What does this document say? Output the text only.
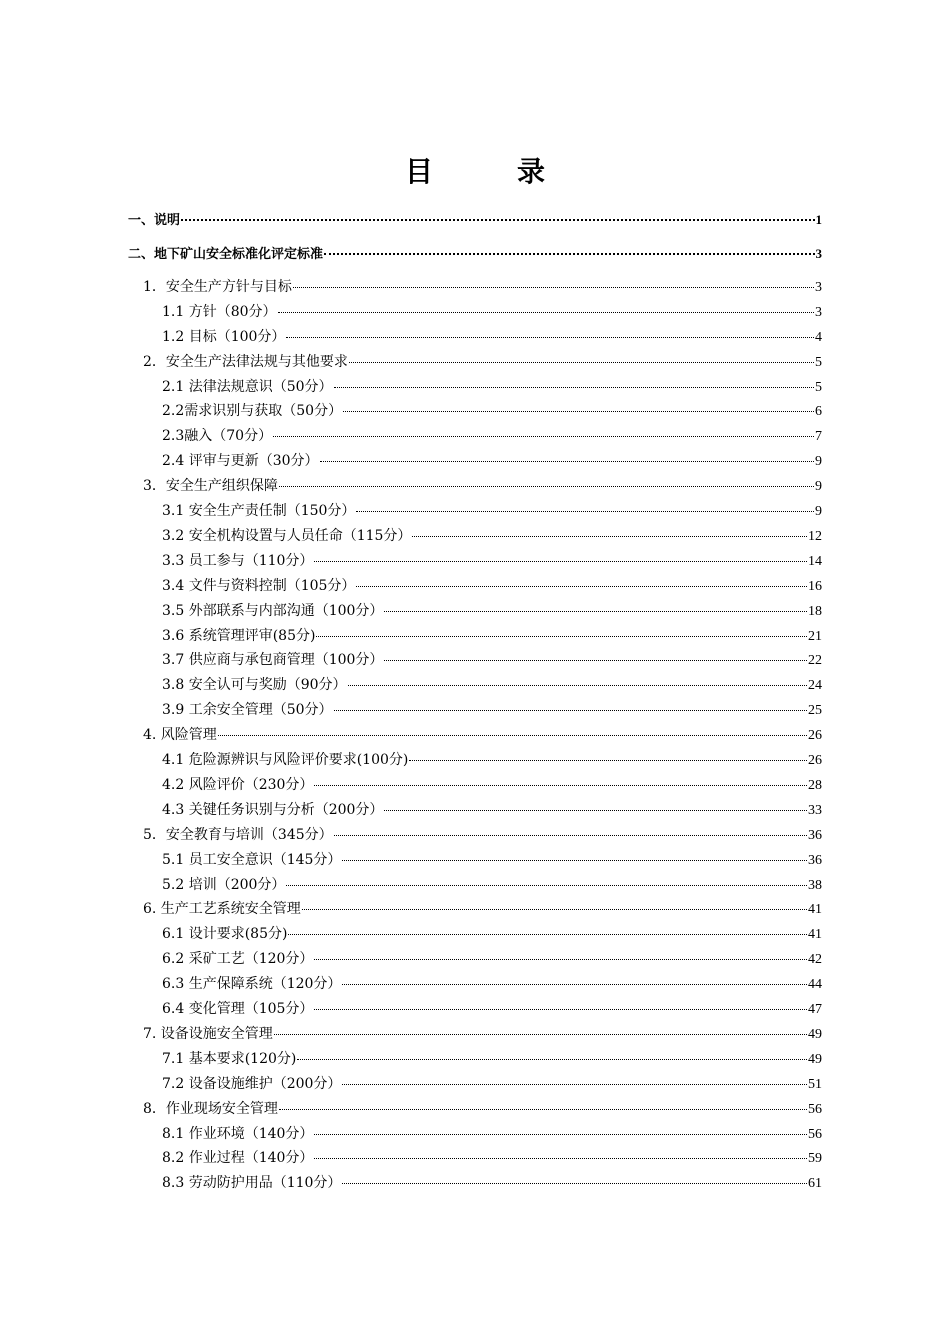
目　录
一、说明	1
二、地下矿山安全标准化评定标准	3
1．安全生产方针与目标	3
1.1 方针（80分）	3
1.2 目标（100分）	4
2．安全生产法律法规与其他要求	5
2.1 法律法规意识（50分）	5
2.2需求识别与获取（50分）	6
2.3融入（70分）	7
2.4 评审与更新（30分）	9
3．安全生产组织保障	9
3.1 安全生产责任制（150分）	9
3.2 安全机构设置与人员任命（115分）	12
3.3 员工参与（110分）	14
3.4 文件与资料控制（105分）	16
3.5 外部联系与内部沟通（100分）	18
3.6 系统管理评审(85分)	21
3.7 供应商与承包商管理（100分）	22
3.8 安全认可与奖励（90分）	24
3.9 工余安全管理（50分）	25
4. 风险管理	26
4.1 危险源辨识与风险评价要求(100分)	26
4.2 风险评价（230分）	28
4.3 关键任务识别与分析（200分）	33
5．安全教育与培训（345分）	36
5.1 员工安全意识（145分）	36
5.2 培训（200分）	38
6. 生产工艺系统安全管理	41
6.1 设计要求(85分)	41
6.2 采矿工艺（120分）	42
6.3 生产保障系统（120分）	44
6.4 变化管理（105分）	47
7. 设备设施安全管理	49
7.1 基本要求(120分)	49
7.2 设备设施维护（200分）	51
8．作业现场安全管理	56
8.1 作业环境（140分）	56
8.2 作业过程（140分）	59
8.3 劳动防护用品（110分）	61
